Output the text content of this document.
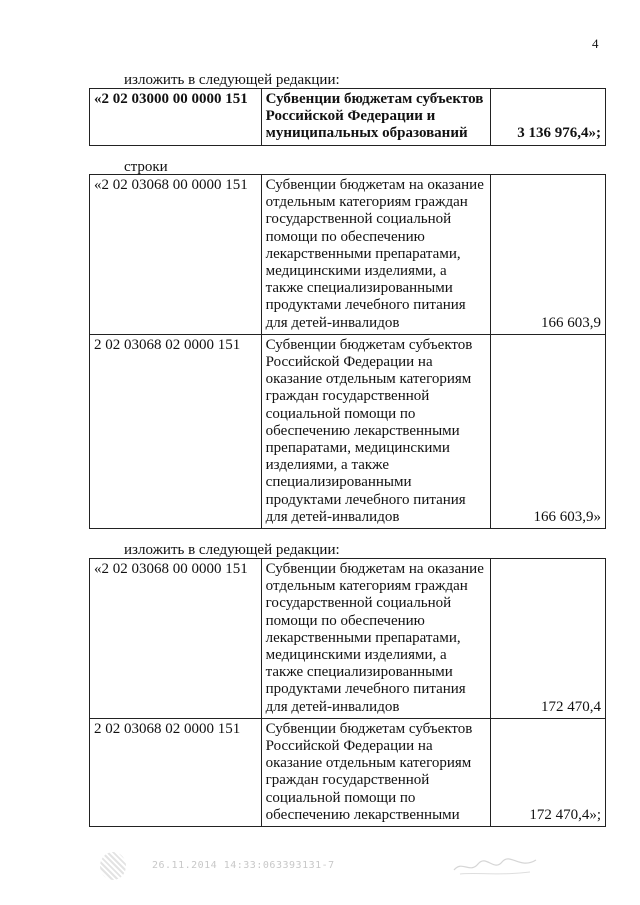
4
изложить в следующей редакции:
«2 02 03000 00 0000 151	Субвенции бюджетам субъектов Российской Федерации и муниципальных образований	3 136 976,4»;
строки
«2 02 03068 00 0000 151	Субвенции бюджетам на оказание отдельным категориям граждан государственной социальной помощи по обеспечению лекарственными препаратами, медицинскими изделиями, а также специализированными продуктами лечебного питания для детей-инвалидов	166 603,9
2 02 03068 02 0000 151	Субвенции бюджетам субъектов Российской Федерации на оказание отдельным категориям граждан государственной социальной помощи по обеспечению лекарственными препаратами, медицинскими изделиями, а также специализированными продуктами лечебного питания для детей-инвалидов	166 603,9»
изложить в следующей редакции:
«2 02 03068 00 0000 151	Субвенции бюджетам на оказание отдельным категориям граждан государственной социальной помощи по обеспечению лекарственными препаратами, медицинскими изделиями, а также специализированными продуктами лечебного питания для детей-инвалидов	172 470,4
2 02 03068 02 0000 151	Субвенции бюджетам субъектов Российской Федерации на оказание отдельным категориям граждан государственной социальной помощи по обеспечению лекарственными	172 470,4»;
26.11.2014 14:33:06 3393131-7
